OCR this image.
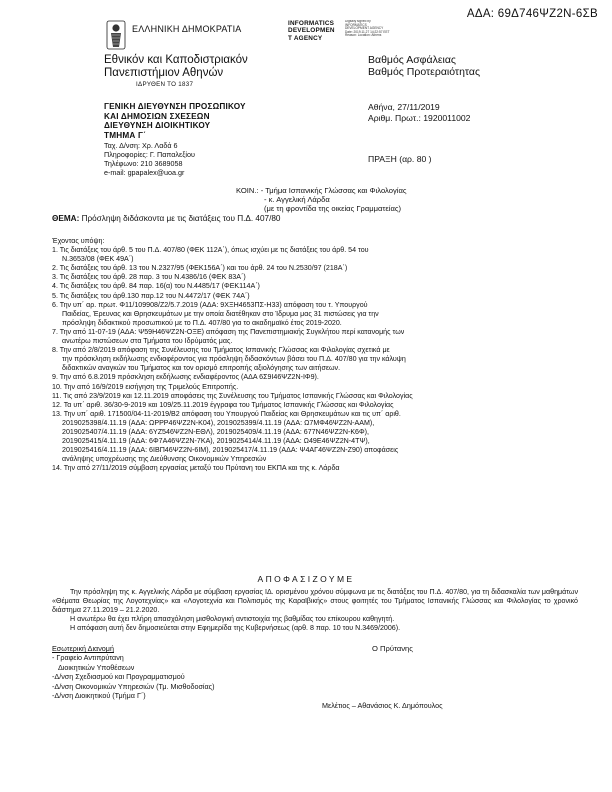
ΑΔΑ: 69Δ746ΨΖ2Ν-6ΣΒ
INFORMATICS
DEVELOPMEN
T AGENCY
Digitally signed by INFORMATICS DEVELOPMENT AGENCY Date: 2019.11.27 14:22:57 EET Reason: Location: Athens
ΕΛΛΗΝΙΚΗ ΔΗΜΟΚΡΑΤΙΑ
Εθνικόν και Καποδιστριακόν
Πανεπιστήμιον Αθηνών
ΙΔΡΥΘΕΝ ΤΟ 1837
Βαθμός Ασφάλειας
Βαθμός Προτεραιότητας
ΓΕΝΙΚΗ ΔΙΕΥΘΥΝΣΗ ΠΡΟΣΩΠΙΚΟΥ
ΚΑΙ ΔΗΜΟΣΙΩΝ ΣΧΕΣΕΩΝ
ΔΙΕΥΘΥΝΣΗ ΔΙΟΙΚΗΤΙΚΟΥ
ΤΜΗΜΑ Γ΄
Ταχ. Δ/νση: Χρ. Λαδά 6
Πληροφορίες: Γ. Παπαλεξίου
Τηλέφωνο: 210 3689058
e-mail: gpapalex@uoa.gr
Αθήνα, 27/11/2019
Αριθμ. Πρωτ.: 1920011002
ΠΡΑΞΗ (αρ. 80 )
ΚΟΙΝ.: - Τμήμα Ισπανικής Γλώσσας και Φιλολογίας
- κ. Αγγελική Λάρδα
(με τη φροντίδα της οικείας Γραμματείας)
ΘΕΜΑ: Πρόσληψη διδάσκοντα με τις διατάξεις του Π.Δ. 407/80

Έχοντας υπόψη:

1. Τις διατάξεις του άρθ. 5 του Π.Δ. 407/80 (ΦΕΚ 112Α΄), όπως ισχύει με τις διατάξεις του άρθ. 54 του

N.3653/08 (ΦΕΚ 49Α΄)

2. Τις διατάξεις του άρθ. 13 του Ν.2327/95 (ΦΕΚ156Α΄) και του άρθ. 24 του Ν.2530/97 (218Α΄)

3. Τις διατάξεις του άρθ. 28 παρ. 3 του Ν.4386/16 (ΦΕΚ 83Α΄)

4. Τις διατάξεις του άρθ. 84 παρ. 16(α) του Ν.4485/17 (ΦΕΚ114Α΄)

5. Τις διατάξεις του άρθ.130 παρ.12 του Ν.4472/17 (ΦΕΚ 74Α΄)

6. Την υπ΄ αρ. πρωτ. Φ11/109908/Ζ2/5.7.2019 (ΑΔΑ: 9ΧΞΗ4653ΠΣ-Η33) απόφαση του τ. Υπουργού

Παιδείας, Έρευνας και Θρησκευμάτων με την οποία διατέθηκαν στο Ίδρυμα μας 31 πιστώσεις για την

πρόσληψη διδακτικού προσωπικού με το Π.Δ. 407/80 για το ακαδημαϊκό έτος 2019-2020.

7. Την από 11-07-19 (ΑΔΑ: Ψ59Η46ΨΖ2Ν-ΟΞΕ) απόφαση της Πανεπιστημιακής Συγκλήτου περί κατανομής των

ανωτέρω πιστώσεων στα Τμήματα του Ιδρύματός μας.

8. Την από 2/8/2019 απόφαση της Συνέλευσης του Τμήματος Ισπανικής Γλώσσας και Φιλολογίας σχετικά με

την πρόσκληση εκδήλωσης ενδιαφέροντος για πρόσληψη διδασκόντων βάσει του Π.Δ. 407/80 για την κάλυψη

διδακτικών αναγκών του Τμήματος και τον ορισμό επιτροπής αξιολόγησης των αιτήσεων.

9. Την από 6.8.2019 πρόσκληση εκδήλωσης ενδιαφέροντος (ΑΔΑ 6Σ9Ι46ΨΖ2Ν-ΙΦ9).

10. Την από 16/9/2019 εισήγηση της Τριμελούς Επιτροπής.

11. Τις από 23/9/2019 και 12.11.2019 αποφάσεις της Συνέλευσης του Τμήματος Ισπανικής Γλώσσας και Φιλολογίας

12. Τα υπ΄ αριθ. 36/30-9-2019 και 109/25.11.2019 έγγραφα του Τμήματος Ισπανικής Γλώσσας και Φιλολογίας

13. Την υπ΄ αριθ. 171500/04-11-2019/Β2 απόφαση του Υπουργού Παιδείας και Θρησκευμάτων και τις υπ΄ αριθ.

2019025398/4.11.19 (ΑΔΑ: ΩΡΡΡ46ΨΖ2Ν-Κ04), 2019025399/4.11.19 (ΑΔΑ: Ω7ΜΦ46ΨΖ2Ν-ΑΑΜ),

2019025407/4.11.19 (ΑΔΑ: 6ΥΖ546ΨΖ2Ν-ΕΘΛ), 2019025409/4.11.19 (ΑΔΑ: 677Ν46ΨΖ2Ν-Κ6Φ),

2019025415/4.11.19 (ΑΔΑ: 6Φ7Α46ΨΖ2Ν-7ΚΑ), 2019025414/4.11.19 (ΑΔΑ: Ω49Ε46ΨΖ2Ν-4ΤΨ),

2019025416/4.11.19 (ΑΔΑ: 6ΙΒΠ46ΨΖ2Ν-6ΙΜ), 2019025417/4.11.19 (ΑΔΑ: Ψ4ΑΓ46ΨΖ2Ν-Ζ90) αποφάσεις

ανάληψης υποχρέωσης της Διεύθυνσης Οικονομικών Υπηρεσιών

14. Την από 27/11/2019 σύμβαση εργασίας μεταξύ του Πρύτανη του ΕΚΠΑ και της κ. Λάρδα

ΑΠΟΦΑΣΙΖΟΥΜΕ

Την πρόσληψη της κ. Αγγελικής Λάρδα με σύμβαση εργασίας ΙΔ. ορισμένου χρόνου σύμφωνα με τις διατάξεις του Π.Δ. 407/80, για τη διδασκαλία των μαθημάτων «Θέματα Θεωρίας της Λογοτεχνίας» και «Λογοτεχνία και Πολιτισμός της Καραϊβικής» στους φοιτητές του Τμήματος Ισπανικής Γλώσσας και Φιλολογίας το χρονικό διάστημα 27.11.2019 – 21.2.2020.

Η ανωτέρω θα έχει πλήρη απασχόληση μισθολογική αντιστοιχία της βαθμίδας του επίκουρου καθηγητή.

Η απόφαση αυτή δεν δημοσιεύεται στην Εφημερίδα της Κυβερνήσεως (αρθ. 8 παρ. 10 του Ν.3469/2006).

Εσωτερική Διανομή
- Γραφείο Αντιπρύτανη
Διοικητικών Υποθέσεων
-Δ/νση Σχεδιασμού και Προγραμματισμού
-Δ/νση Οικονομικών Υπηρεσιών (Τμ. Μισθοδοσίας)
-Δ/νση Διοικητικού (Τμήμα Γ΄)
Ο Πρύτανης
Μελέτιος – Αθανάσιος Κ. Δημόπουλος
